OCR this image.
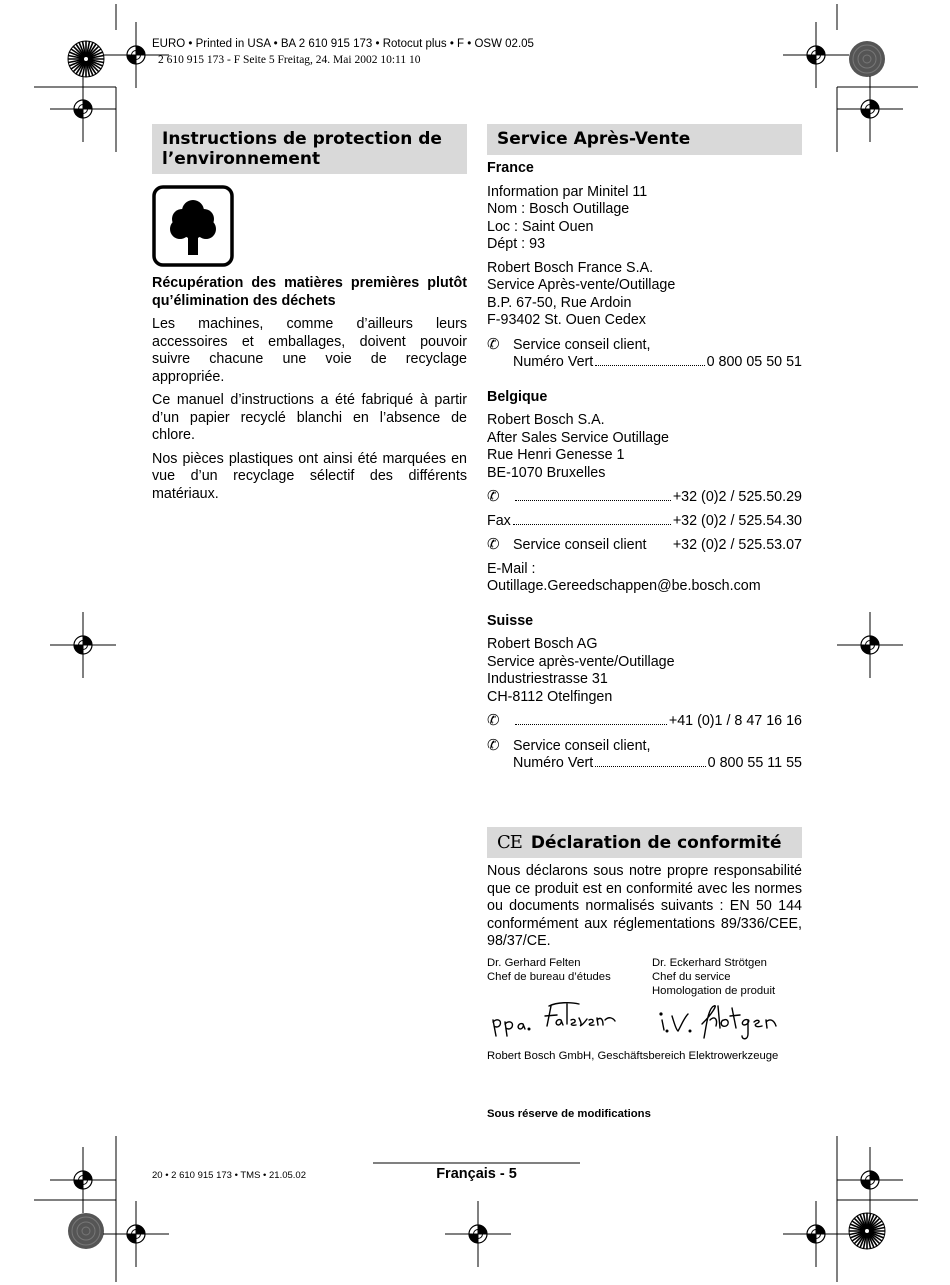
EURO • Printed in USA • BA 2 610 915 173 • Rotocut plus • F • OSW 02.05
2 610 915 173 - F Seite 5 Freitag, 24. Mai 2002 10:11 10
Instructions de protection de l’environnement

Récupération des matières premières plutôt qu’élimination des déchets

Les machines, comme d’ailleurs leurs accessoires et emballages, doivent pouvoir suivre chacune une voie de recyclage appropriée.

Ce manuel d’instructions a été fabriqué à partir d’un papier recyclé blanchi en l’absence de chlore.

Nos pièces plastiques ont ainsi été marquées en vue d’un recyclage sélectif des différents matériaux.

Service Après-Vente

France

Information par Minitel 11

Nom : Bosch Outillage

Loc : Saint Ouen

Dépt : 93

Robert Bosch France S.A.

Service Après-vente/Outillage

B.P. 67-50, Rue Ardoin

F-93402 St. Ouen Cedex

✆ Service conseil client,

Numéro Vert	0 800 05 50 51

Belgique

Robert Bosch S.A.

After Sales Service Outillage

Rue Henri Genesse 1

BE-1070 Bruxelles

✆	+32 (0)2 / 525.50.29
Fax	+32 (0)2 / 525.54.30
✆ Service conseil client +32 (0)2 / 525.53.07

E-Mail :

Outillage.Gereedschappen@be.bosch.com

Suisse

Robert Bosch AG

Service après-vente/Outillage

Industriestrasse 31

CH-8112 Otelfingen

✆	+41 (0)1 / 8 47 16 16

✆ Service conseil client,

Numéro Vert	0 800 55 11 55
CE Déclaration de conformité

Nous déclarons sous notre propre responsabilité que ce produit est en conformité avec les normes ou documents normalisés suivants : EN 50 144 conformément aux réglementations 89/336/CEE, 98/37/CE.

Dr. Gerhard Felten

Chef de bureau d’études

Dr. Eckerhard Strötgen

Chef du service

Homologation de produit

Robert Bosch GmbH, Geschäftsbereich Elektrowerkzeuge
Sous réserve de modifications
20 • 2 610 915 173 • TMS • 21.05.02	Français - 5
